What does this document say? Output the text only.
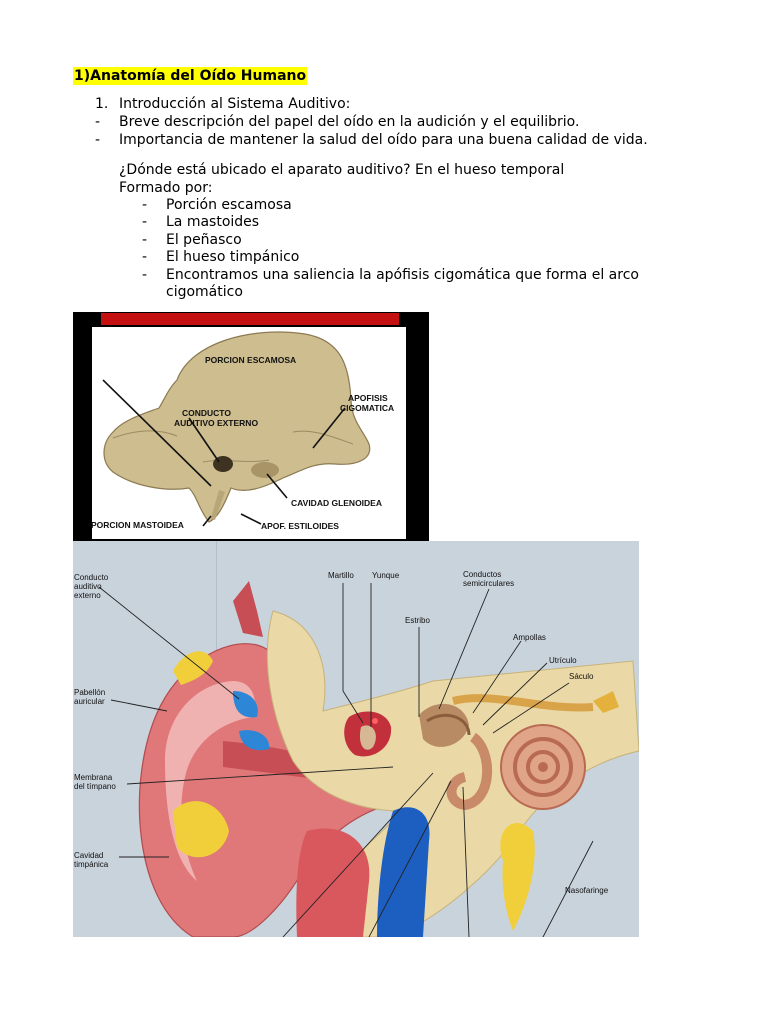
1)Anatomía del Oído Humano
1. Introducción al Sistema Auditivo:
-	Breve descripción del papel del oído en la audición y el equilibrio.
-	Importancia de mantener la salud del oído para una buena calidad de vida.
¿Dónde está ubicado el aparato auditivo? En el hueso temporal
Formado por:
-	Porción escamosa
-	La mastoides
-	El peñasco
-	El hueso timpánico
-	Encontramos una saliencia la apófisis cigomática que forma el arco cigomático
PORCION ESCAMOSA
APOFISIS
CIGOMATICA
CONDUCTO
AUDITIVO EXTERNO
CAVIDAD GLENOIDEA
PORCION MASTOIDEA	APOF. ESTILOIDES
Conducto
auditivo
externo
Pabellón
auricular
Membrana
del tímpano
Cavidad
timpánica
Martillo Yunque	Conductos
semicirculares
Estribo
Ampollas
Utrículo
Sáculo
Nasofaringe
